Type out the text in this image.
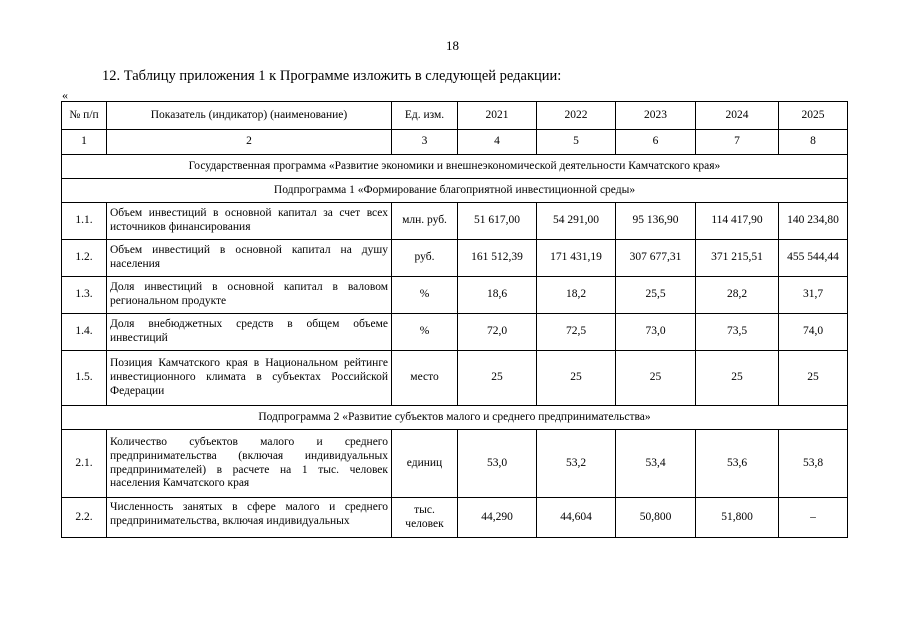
18
12. Таблицу приложения 1 к Программе изложить в следующей редакции:
«
№ п/п	Показатель (индикатор) (наименование)	Ед. изм.	2021	2022	2023	2024	2025
1	2	3	4	5	6	7	8
Государственная программа «Развитие экономики и внешнеэкономической деятельности Камчатского края»							
Подпрограмма 1 «Формирование благоприятной инвестиционной среды»							
1.1.	Объем инвестиций в основной капитал за счет всех источников финансирования	млн. руб.	51 617,00	54 291,00	95 136,90	114 417,90	140 234,80
1.2.	Объем инвестиций в основной капитал на душу населения	руб.	161 512,39	171 431,19	307 677,31	371 215,51	455 544,44
1.3.	Доля инвестиций в основной капитал в валовом региональном продукте	%	18,6	18,2	25,5	28,2	31,7
1.4.	Доля внебюджетных средств в общем объеме инвестиций	%	72,0	72,5	73,0	73,5	74,0
1.5.	Позиция Камчатского края в Национальном рейтинге инвестиционного климата в субъектах Российской Федерации	место	25	25	25	25	25
Подпрограмма 2 «Развитие субъектов малого и среднего предпринимательства»							
2.1.	Количество субъектов малого и среднего предпринимательства (включая индивидуальных предпринимателей) в расчете на 1 тыс. человек населения Камчатского края	единиц	53,0	53,2	53,4	53,6	53,8
2.2.	Численность занятых в сфере малого и среднего предпринимательства, включая индивидуальных	тыс. человек	44,290	44,604	50,800	51,800	–
